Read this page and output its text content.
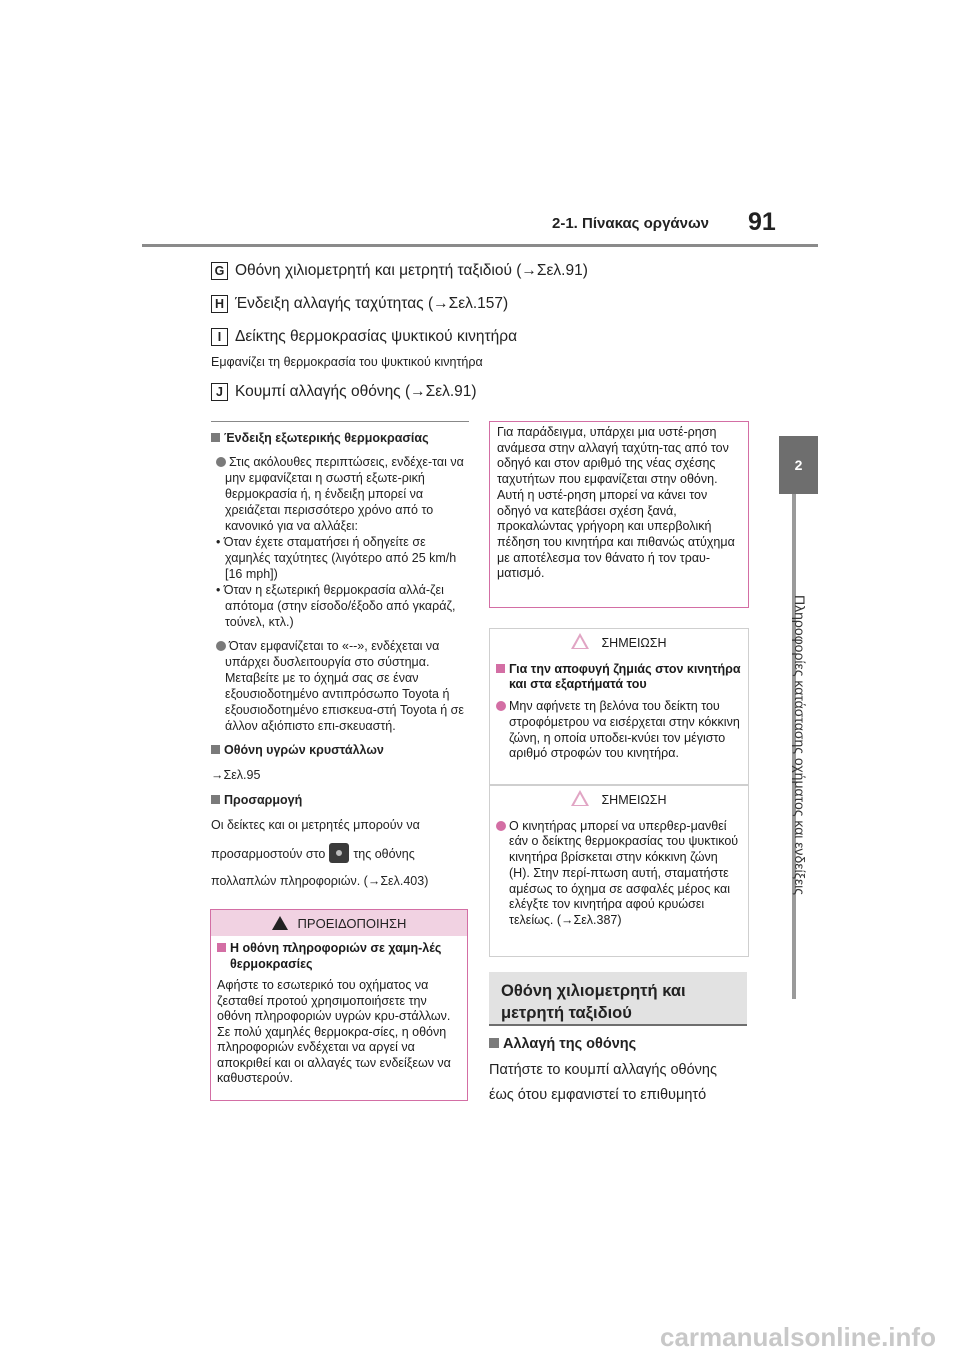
2-1. Πίνακας οργάνων 91
2
Πληροφορίες κατάστασης οχήματος και ενδείξεις
G Οθόνη χιλιομετρητή και μετρητή ταξιδιού (→Σελ.91)
H Ένδειξη αλλαγής ταχύτητας (→Σελ.157)
I Δείκτης θερμοκρασίας ψυκτικού κινητήρα
Εμφανίζει τη θερμοκρασία του ψυκτικού κινητήρα
J Κουμπί αλλαγής οθόνης (→Σελ.91)
Ένδειξη εξωτερικής θερμοκρασίας
Στις ακόλουθες περιπτώσεις, ενδέχε-ται να μην εμφανίζεται η σωστή εξωτε-ρική θερμοκρασία ή, η ένδειξη μπορεί να χρειάζεται περισσότερο χρόνο από το κανονικό για να αλλάξει:
• Όταν έχετε σταματήσει ή οδηγείτε σε χαμηλές ταχύτητες (λιγότερο από 25 km/h [16 mph])
• Όταν η εξωτερική θερμοκρασία αλλά-ζει απότομα (στην είσοδο/έξοδο από γκαράζ, τούνελ, κτλ.)
Όταν εμφανίζεται το «--», ενδέχεται να υπάρχει δυσλειτουργία στο σύστημα. Μεταβείτε με το όχημά σας σε έναν εξουσιοδοτημένο αντιπρόσωπο Toyota ή εξουσιοδοτημένο επισκευα-στή Toyota ή σε άλλον αξιόπιστο επι-σκευαστή.
Οθόνη υγρών κρυστάλλων
→Σελ.95
Προσαρμογή
Οι δείκτες και οι μετρητές μπορούν να
προσαρμοστούν στο της οθόνης
πολλαπλών πληροφοριών. (→Σελ.403)
ΠΡΟΕΙΔΟΠΟΙΗΣΗ
Η οθόνη πληροφοριών σε χαμη-λές θερμοκρασίες
Αφήστε το εσωτερικό του οχήματος να ζεσταθεί προτού χρησιμοποιήσετε την οθόνη πληροφοριών υγρών κρυ-στάλλων. Σε πολύ χαμηλές θερμοκρα-σίες, η οθόνη πληροφοριών ενδέχεται να αργεί να αποκριθεί και οι αλλαγές των ενδείξεων να καθυστερούν.
Για παράδειγμα, υπάρχει μια υστέ-ρηση ανάμεσα στην αλλαγή ταχύτη-τας από τον οδηγό και στον αριθμό της νέας σχέσης ταχυτήτων που εμφανίζεται στην οθόνη. Αυτή η υστέ-ρηση μπορεί να κάνει τον οδηγό να κατεβάσει σχέση ξανά, προκαλώντας γρήγορη και υπερβολική πέδηση του κινητήρα και πιθανώς ατύχημα με αποτέλεσμα τον θάνατο ή τον τραυ-ματισμό.
ΣΗΜΕΙΩΣΗ
Για την αποφυγή ζημιάς στον κινητήρα και στα εξαρτήματά του
Μην αφήνετε τη βελόνα του δείκτη του στροφόμετρου να εισέρχεται στην κόκκινη ζώνη, η οποία υποδει-κνύει τον μέγιστο αριθμό στροφών του κινητήρα.
ΣΗΜΕΙΩΣΗ
Ο κινητήρας μπορεί να υπερθερ-μανθεί εάν ο δείκτης θερμοκρασίας του ψυκτικού κινητήρα βρίσκεται στην κόκκινη ζώνη (H). Στην περί-πτωση αυτή, σταματήστε αμέσως το όχημα σε ασφαλές μέρος και ελέγξτε τον κινητήρα αφού κρυώσει τελείως. (→Σελ.387)
Οθόνη χιλιομετρητή και μετρητή ταξιδιού
Αλλαγή της οθόνης
Πατήστε το κουμπί αλλαγής οθόνης
έως ότου εμφανιστεί το επιθυμητό
carmanualsonline.info
